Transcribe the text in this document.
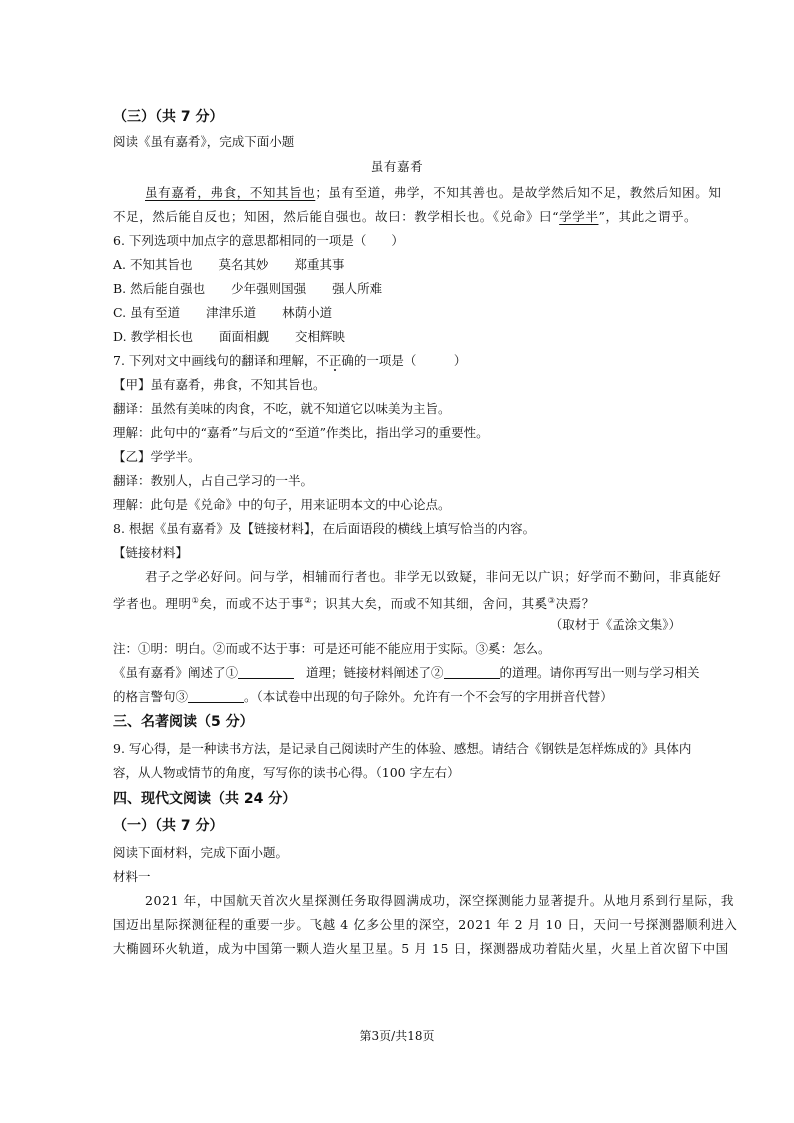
（三）（共 7 分）
阅读《虽有嘉肴》，完成下面小题
虽有嘉肴
虽有嘉肴，弗食，不知其旨也；虽有至道，弗学，不知其善也。是故学然后知不足，教然后知困。知
不足，然后能自反也；知困，然后能自强也。故曰：教学相长也。《兑命》曰“学学半”，其此之谓乎。
6. 下列选项中加点字的意思都相同的一项是（　　）
A. 不知其旨也 莫名其妙 郑重其事
B. 然后能自强也 少年强则国强 强人所难
C. 虽有至道 津津乐道 林荫小道
D. 教学相长也 面面相觑 交相辉映
7. 下列对文中画线句的翻译和理解，不正确的一项是（　　　）
【甲】虽有嘉肴，弗食，不知其旨也。
翻译：虽然有美味的肉食，不吃，就不知道它以味美为主旨。
理解：此句中的“嘉肴”与后文的“至道”作类比，指出学习的重要性。
【乙】学学半。
翻译：教别人，占自己学习的一半。
理解：此句是《兑命》中的句子，用来证明本文的中心论点。
8. 根据《虽有嘉肴》及【链接材料】，在后面语段的横线上填写恰当的内容。
【链接材料】
君子之学必好问。问与学，相辅而行者也。非学无以致疑，非问无以广识；好学而不勤问，非真能好
学者也。理明①矣，而或不达于事②；识其大矣，而或不知其细，舍问，其奚③决焉？
（取材于《孟涂文集》）
注：①明：明白。②而或不达于事：可是还可能不能应用于实际。③奚：怎么。
《虽有嘉肴》阐述了①	道理；链接材料阐述了②	的道理。请你再写出一则与学习相关
的格言警句③	。（本试卷中出现的句子除外。允许有一个不会写的字用拼音代替）
三、名著阅读（5 分）
9. 写心得，是一种读书方法，是记录自己阅读时产生的体验、感想。请结合《钢铁是怎样炼成的》具体内
容，从人物或情节的角度，写写你的读书心得。（100 字左右）
四、现代文阅读（共 24 分）
（一）（共 7 分）
阅读下面材料，完成下面小题。
材料一
2021 年，中国航天首次火星探测任务取得圆满成功，深空探测能力显著提升。从地月系到行星际，我
国迈出星际探测征程的重要一步。飞越 4 亿多公里的深空，2021 年 2 月 10 日，天问一号探测器顺利进入
大椭圆环火轨道，成为中国第一颗人造火星卫星。5 月 15 日，探测器成功着陆火星，火星上首次留下中国
第3页/共18页
